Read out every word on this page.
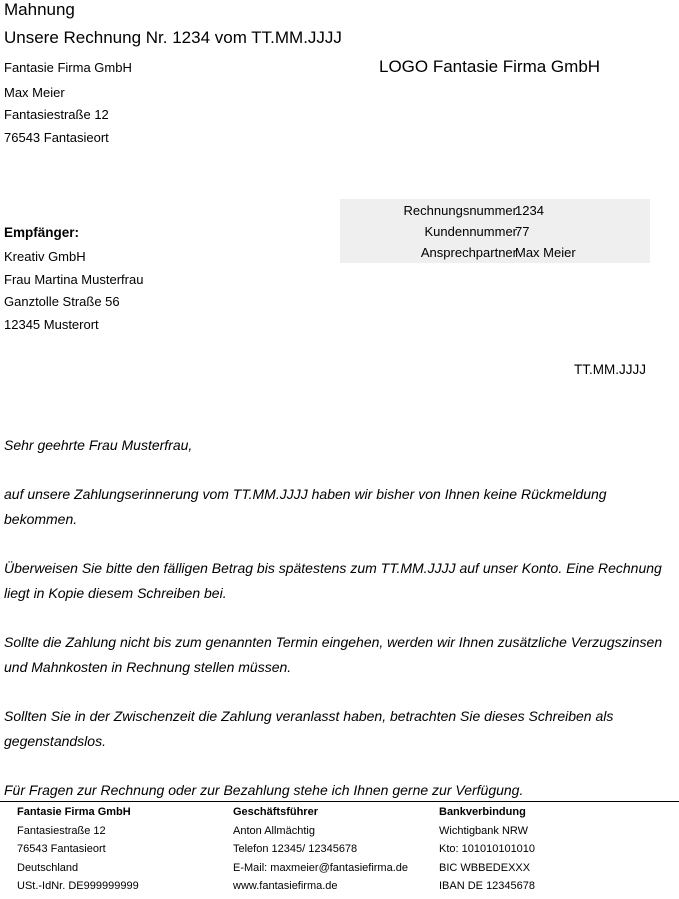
Mahnung
Unsere Rechnung Nr. 1234 vom TT.MM.JJJJ
LOGO Fantasie Firma GmbH
Fantasie Firma GmbH
Max Meier
Fantasiestraße 12
76543 Fantasieort
Rechnungsnummer
1234
Kundennummer
77
Ansprechpartner
Max Meier
Empfänger:
Kreativ GmbH
Frau Martina Musterfrau
Ganztolle Straße 56
12345 Musterort
TT.MM.JJJJ
Sehr geehrte Frau Musterfrau,
auf unsere Zahlungserinnerung vom TT.MM.JJJJ haben wir bisher von Ihnen keine Rückmeldung bekommen.
Überweisen Sie bitte den fälligen Betrag bis spätestens zum TT.MM.JJJJ auf unser Konto. Eine Rechnung liegt in Kopie diesem Schreiben bei.
Sollte die Zahlung nicht bis zum genannten Termin eingehen, werden wir Ihnen zusätzliche Verzugszinsen und Mahnkosten in Rechnung stellen müssen.
Sollten Sie in der Zwischenzeit die Zahlung veranlasst haben, betrachten Sie dieses Schreiben als gegenstandslos.
Für Fragen zur Rechnung oder zur Bezahlung stehe ich Ihnen gerne zur Verfügung.
Fantasie Firma GmbH
Fantasiestraße 12
76543 Fantasieort
Deutschland
USt.-IdNr. DE999999999
Geschäftsführer
Anton Allmächtig
Telefon 12345/ 12345678
E-Mail: maxmeier@fantasiefirma.de
www.fantasiefirma.de
Bankverbindung
Wichtigbank NRW
Kto: 101010101010
BIC WBBEDEXXX
IBAN DE 12345678
